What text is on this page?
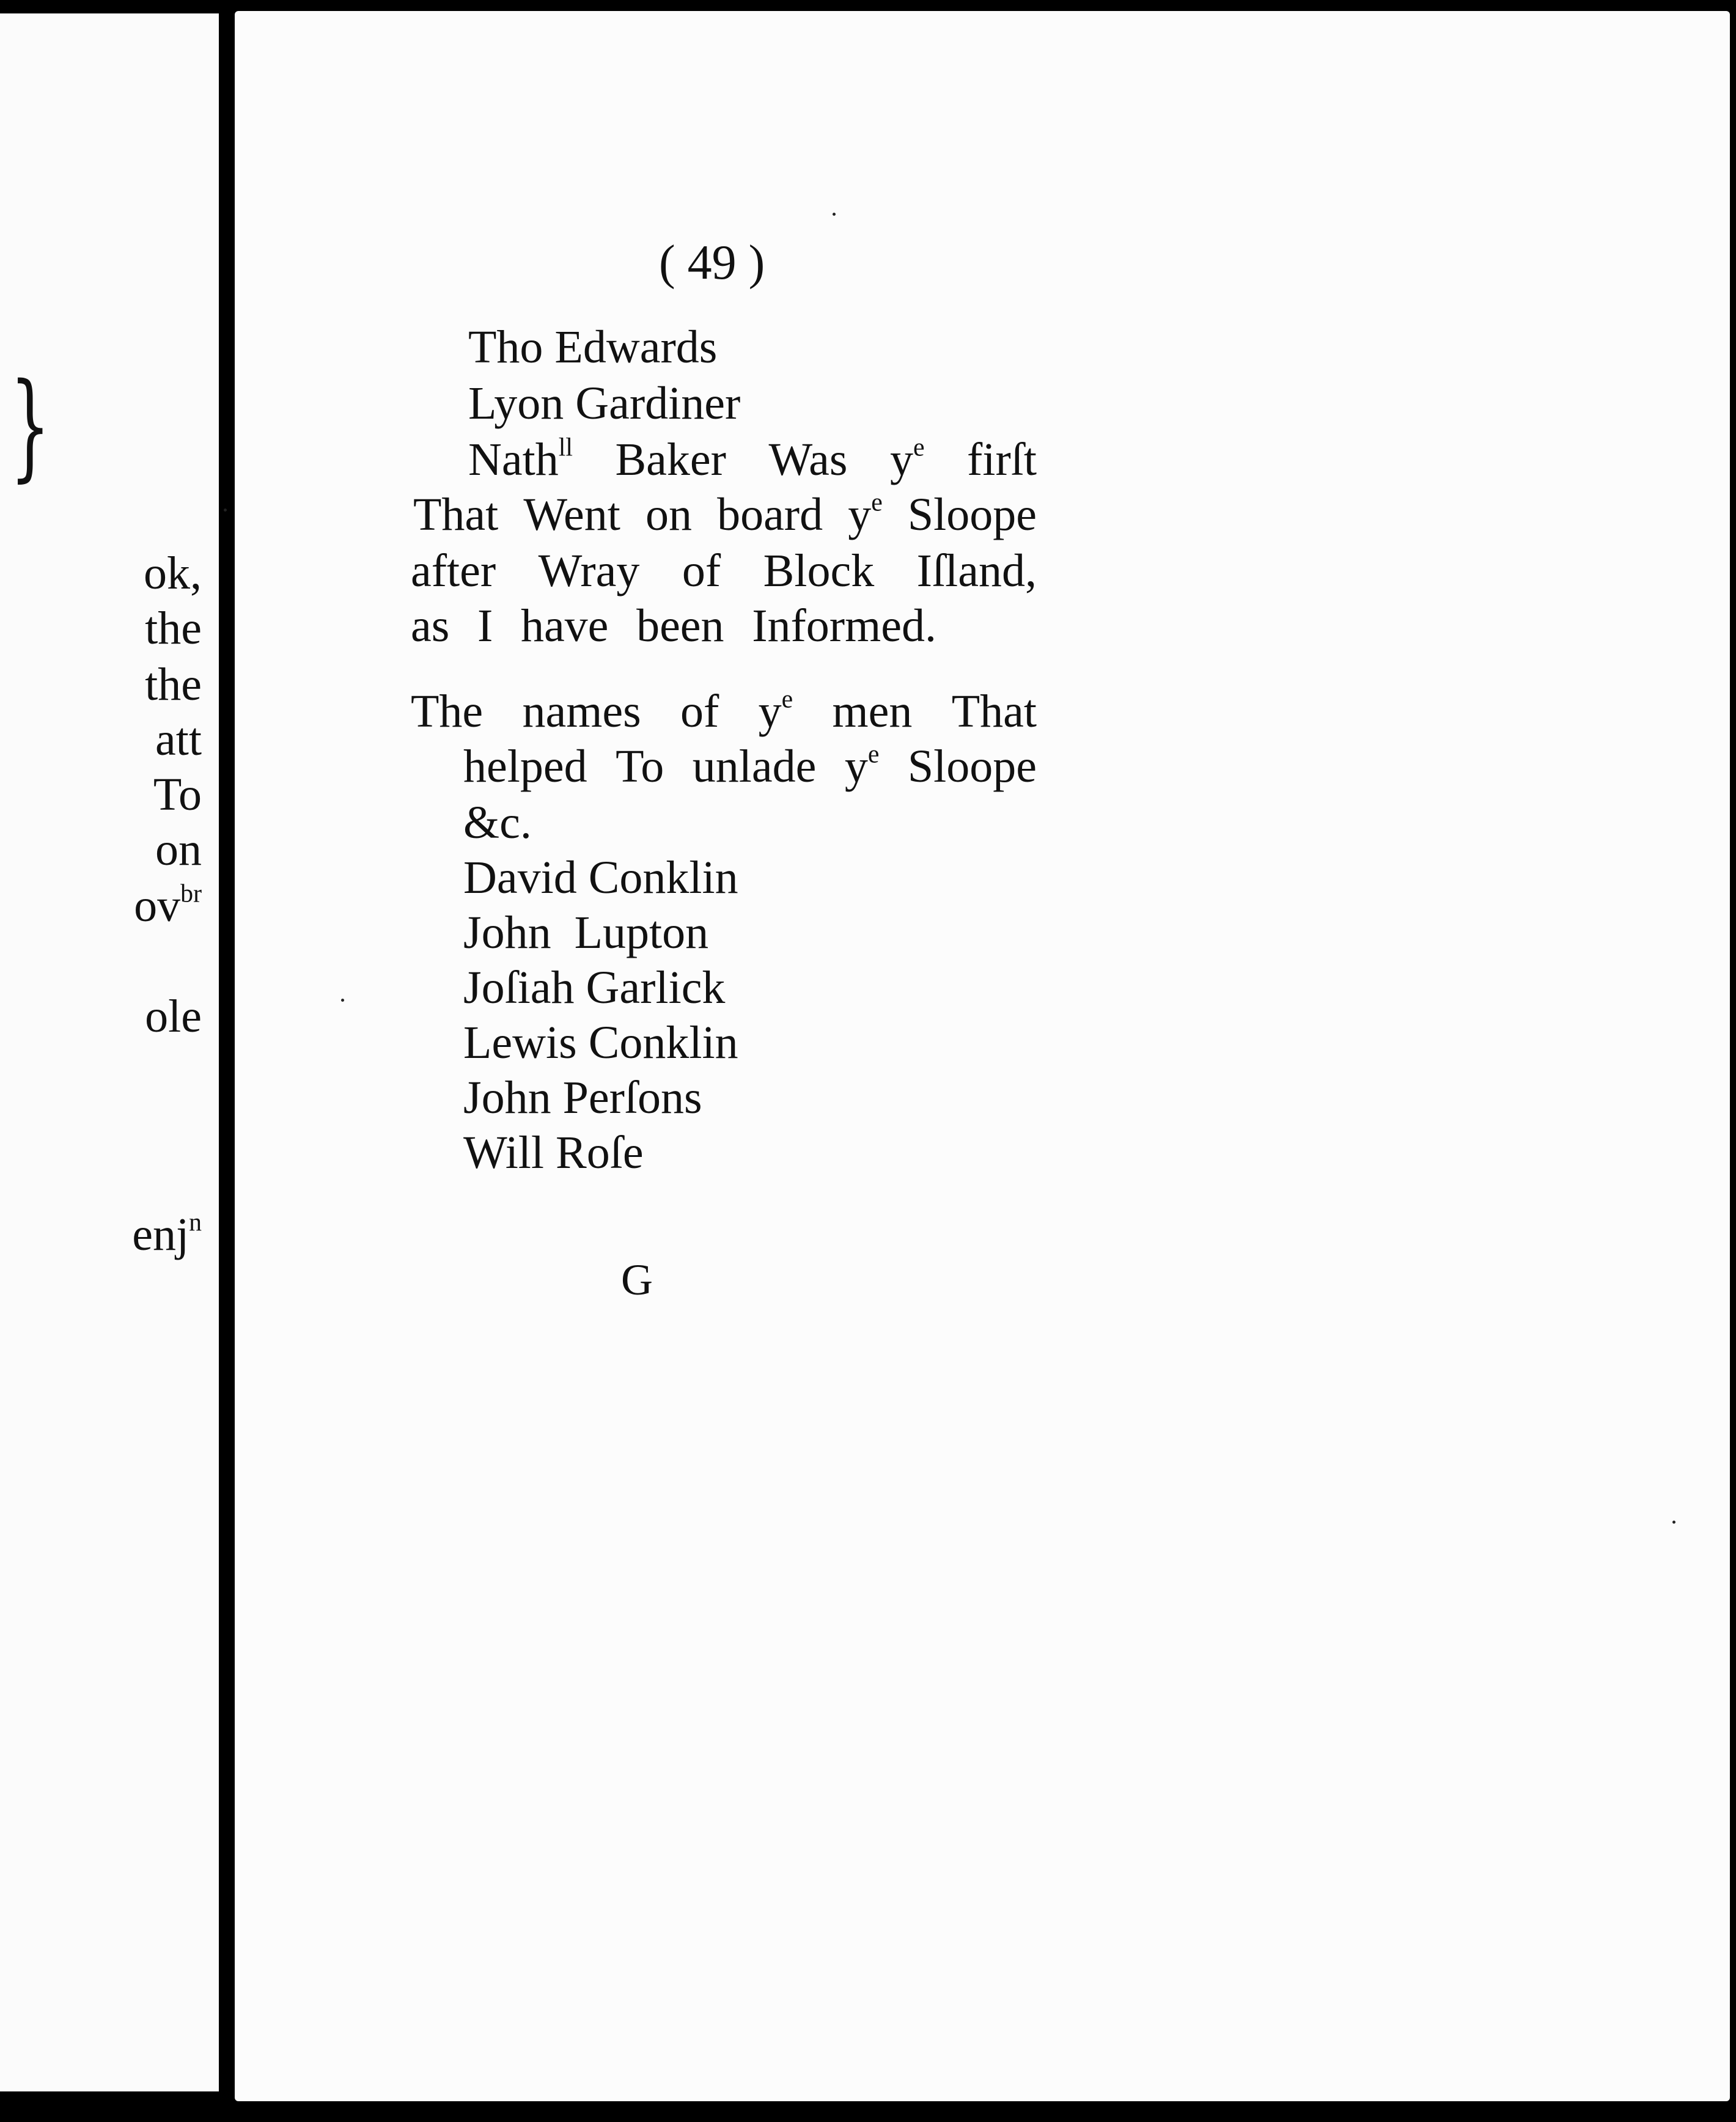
}
ok,
the
the
att
To
on
$ov^{br}$
ole
enj$^n$
( 49 )
Tho Edwards
Lyon Gardiner
Nath$^{ll}$ Baker Was $y^e$ firſt
That Went on board $y^e$ Sloope
after Wray of Block Iſland,
as I have been Informed.
The names of $y^e$ men That
helped To unlade $y^e$ Sloope
&c.
David Conklin
John  Lupton
Joſiah Garlick
Lewis Conklin
John Perſons
Will Roſe
G
